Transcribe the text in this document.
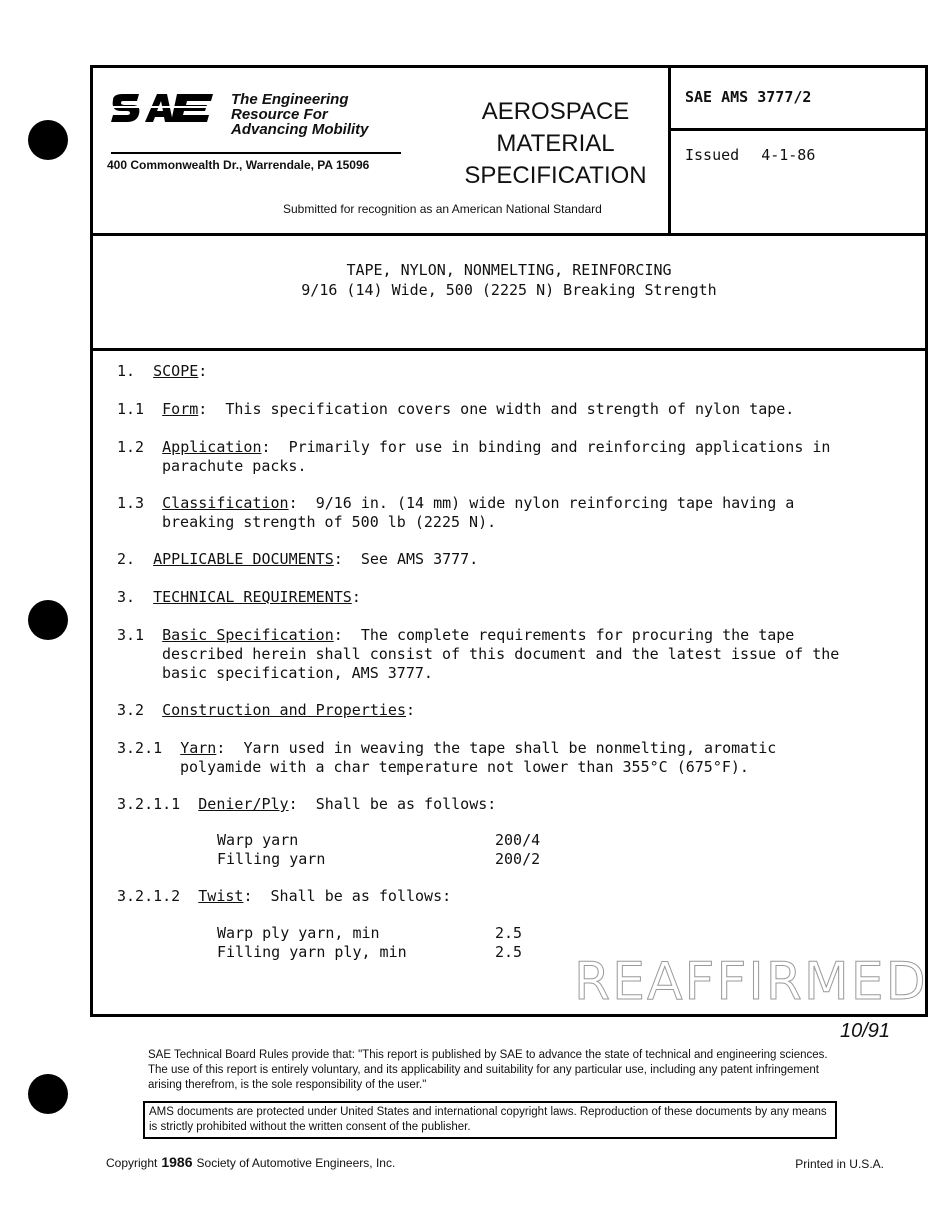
The Engineering
Resource For
Advancing Mobility
400 Commonwealth Dr., Warrendale, PA 15096
AEROSPACE
MATERIAL
SPECIFICATION
Submitted for recognition as an American National Standard
SAE AMS 3777/2
Issued 4-1-86
TAPE, NYLON, NONMELTING, REINFORCING
9/16 (14) Wide, 500 (2225 N) Breaking Strength
1. SCOPE:
1.1 Form:  This specification covers one width and strength of nylon tape.
1.2 Application:  Primarily for use in binding and reinforcing applications in
parachute packs.
1.3 Classification:  9/16 in. (14 mm) wide nylon reinforcing tape having a
breaking strength of 500 lb (2225 N).
2. APPLICABLE DOCUMENTS:  See AMS 3777.
3. TECHNICAL REQUIREMENTS:
3.1 Basic Specification:  The complete requirements for procuring the tape
described herein shall consist of this document and the latest issue of the
basic specification, AMS 3777.
3.2 Construction and Properties:
3.2.1 Yarn:  Yarn used in weaving the tape shall be nonmelting, aromatic
polyamide with a char temperature not lower than 355°C (675°F).
3.2.1.1 Denier/Ply:  Shall be as follows:
Warp yarn	200/4
Filling yarn	200/2
3.2.1.2 Twist:  Shall be as follows:
Warp ply yarn, min	2.5
Filling yarn ply, min	2.5 REAFFIRMED
10/91
SAE Technical Board Rules provide that: "This report is published by SAE to advance the state of technical and engineering sciences. The use of this report is entirely voluntary, and its applicability and suitability for any particular use, including any patent infringement arising therefrom, is the sole responsibility of the user."
AMS documents are protected under United States and international copyright laws. Reproduction of these documents by any means is strictly prohibited without the written consent of the publisher.
Copyright 1986 Society of Automotive Engineers, Inc.	Printed in U.S.A.
